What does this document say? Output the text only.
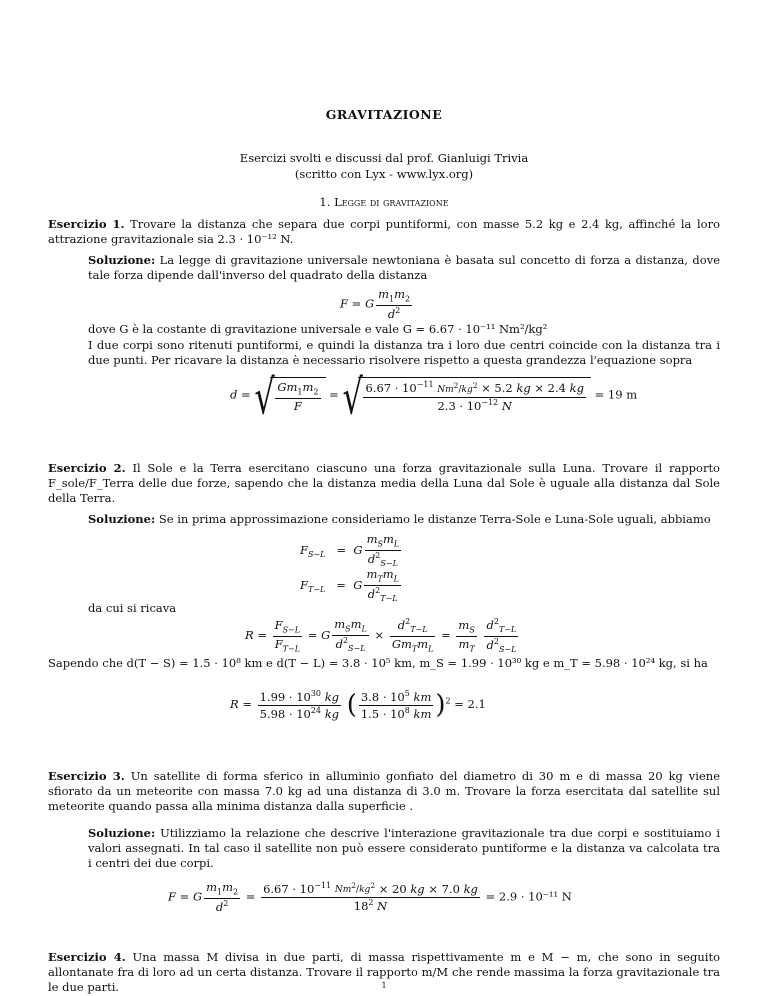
GRAVITAZIONE
Esercizi svolti e discussi dal prof. Gianluigi Trivia
(scritto con Lyx - www.lyx.org)
1. Legge di gravitazione
Esercizio 1. Trovare la distanza che separa due corpi puntiformi, con masse 5.2 kg e 2.4 kg, affinché la loro attrazione gravitazionale sia 2.3 · 10⁻¹² N.
Soluzione: La legge di gravitazione universale newtoniana è basata sul concetto di forza a distanza, dove tale forza dipende dall'inverso del quadrato della distanza
F = G $\frac{m_1m_2}{d^2}$
dove G è la costante di gravitazione universale e vale G = 6.67 · 10⁻¹¹ Nm²/kg²
I due corpi sono ritenuti puntiformi, e quindi la distanza tra i loro due centri coincide con la distanza tra i due punti. Per ricavare la distanza è necessario risolvere rispetto a questa grandezza l'equazione sopra
d = √ $\frac{Gm_1m_2}{F}$ = √ $\frac{6.67 \cdot 10^{-11} Nm^2/kg^2 \times 5.2 kg \times 2.4 kg}{2.3 \cdot 10^{-12} N} = 19$ m
Esercizio 2. Il Sole e la Terra esercitano ciascuno una forza gravitazionale sulla Luna. Trovare il rapporto F_sole/F_Terra delle due forze, sapendo che la distanza media della Luna dal Sole è uguale alla distanza dal Sole della Terra.
Soluzione: Se in prima approssimazione consideriamo le distanze Terra-Sole e Luna-Sole uguali, abbiamo
$F_{S-L} = G \frac{m_Sm_L}{d^2_{S-L}}$
$F_{T-L} = G \frac{m_Tm_L}{d^2_{T-L}}$
da cui si ricava
$R = \frac{F_{S-L}}{F_{T-L}} = G \frac{m_Sm_L}{d^2_{S-L}} \times \frac{d^2_{T-L}}{Gm_Tm_L} = \frac{m_S}{m_T}$
$\frac{d^2_{T-L}}{d^2_{S-L}}$
Sapendo che d(T − S) = 1.5 · 10⁸ km e d(T − L) = 3.8 · 10⁵ km, m_S = 1.99 · 10³⁰ kg e m_T = 5.98 · 10²⁴ kg, si ha
$R = \frac{1.99 \cdot 10^{30} kg}{5.98 \cdot 10^{24} kg}$ ( $\frac{3.8 \cdot 10^5 km}{1.5 \cdot 10^8 km} )^2 = 2.1$
Esercizio 3. Un satellite di forma sferico in alluminio gonfiato del diametro di 30 m e di massa 20 kg viene sfiorato da un meteorite con massa 7.0 kg ad una distanza di 3.0 m. Trovare la forza esercitata dal satellite sul meteorite quando passa alla minima distanza dalla superficie .
Soluzione: Utilizziamo la relazione che descrive l'interazione gravitazionale tra due corpi e sostituiamo i valori assegnati. In tal caso il satellite non può essere considerato puntiforme e la distanza va calcolata tra i centri dei due corpi.
F = G $\frac{m_1m_2}{d^2} = \frac{6.67 \cdot 10^{-11} Nm^2/kg^2 \times 20 kg \times 7.0 kg}{18^2 N} = 2.9 \cdot 10^{-11}$ N
Esercizio 4. Una massa M divisa in due parti, di massa rispettivamente m e M − m, che sono in seguito allontanate fra di loro ad un certa distanza. Trovare il rapporto m/M che rende massima la forza gravitazionale tra le due parti.	1
